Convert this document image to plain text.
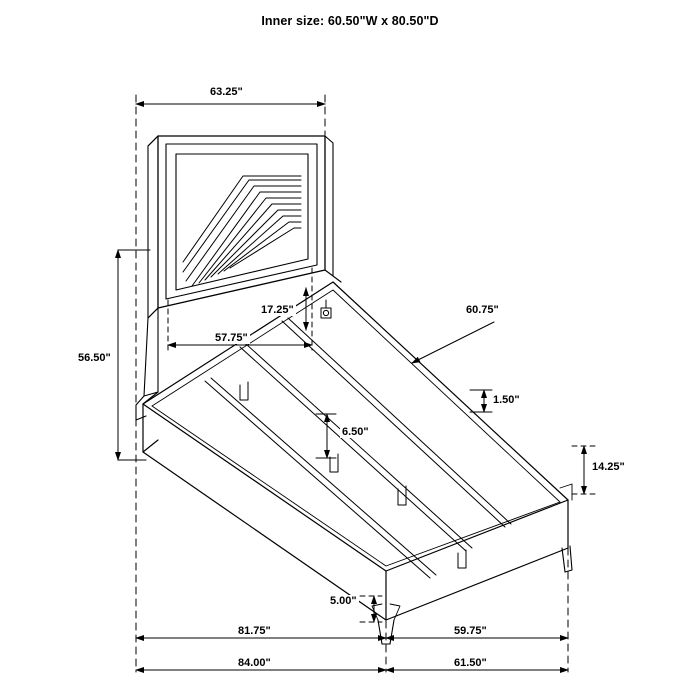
Inner size: 60.50"W x 80.50"D
63.25"
17.25"
57.75"
56.50"
60.75"
1.50"
6.50"
14.25"
5.00"
81.75"	59.75"
84.00"	61.50"
